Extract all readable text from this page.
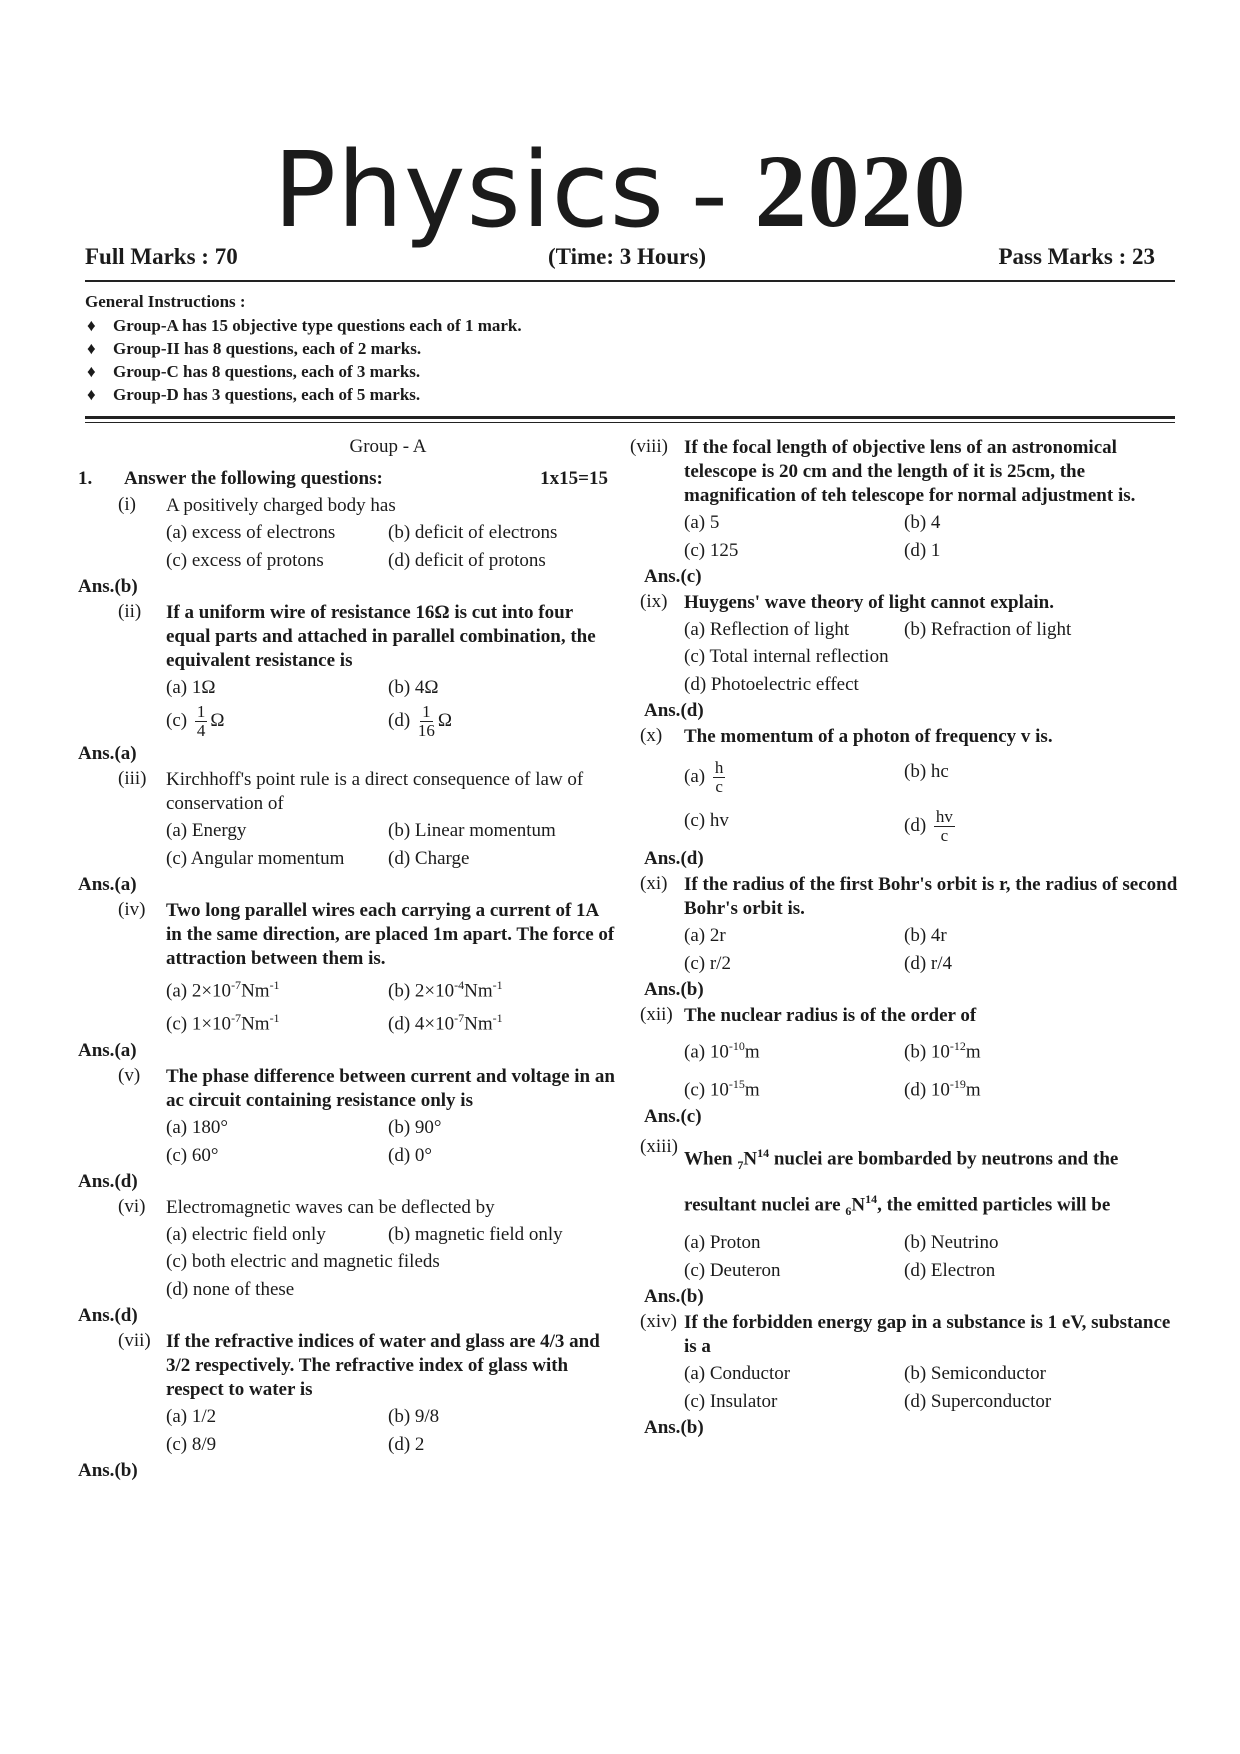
Physics - 2020
Full Marks : 70	(Time: 3 Hours)	Pass Marks : 23
General Instructions :
♦ Group-A has 15 objective type questions each of 1 mark.
♦ Group-II has 8 questions, each of 2 marks.
♦ Group-C has 8 questions, each of 3 marks.
♦ Group-D has 3 questions, each of 5 marks.
Group - A
1. Answer the following questions:	1x15=15
(i) A positively charged body has
(a) excess of electrons	(b) deficit of electrons
(c) excess of protons	(d) deficit of protons
Ans.(b)
(ii) If a uniform wire of resistance 16Ω is cut into four equal parts and attached in parallel combination, the equivalent resistance is
(a) 1Ω	(b) 4Ω
$(c) \frac{1}{4}$ Ω	$(d) \frac{1}{16}$ Ω
Ans.(a)
(iii) Kirchhoff's point rule is a direct consequence of law of conservation of
(a) Energy	(b) Linear momentum
(c) Angular momentum	(d) Charge
Ans.(a)
(iv) Two long parallel wires each carrying a current of 1A in the same direction, are placed 1m apart. The force of attraction between them is.
(a) $2\times 10^{-7}Nm^{-1}$	(b) $2\times 10^{-4}Nm^{-1}$
(c) $1\times 10^{-7}Nm^{-1}$	(d) $4\times 10^{-7}Nm^{-1}$
Ans.(a)
(v) The phase difference between current and voltage in an ac circuit containing resistance only is
(a) 180°	(b) 90°
(c) 60°	(d) 0°
Ans.(d)
(vi) Electromagnetic waves can be deflected by
(a) electric field only	(b) magnetic field only
(c) both electric and magnetic fileds
(d) none of these
Ans.(d)
(vii) If the refractive indices of water and glass are 4/3 and 3/2 respectively. The refractive index of glass with respect to water is
(a) 1/2	(b) 9/8
(c) 8/9	(d) 2
Ans.(b)
(viii) If the focal length of objective lens of an astronomical telescope is 20 cm and the length of it is 25cm, the magnification of teh telescope for normal adjustment is.
(a) 5	(b) 4
(c) 125	(d) 1
Ans.(c)
(ix) Huygens' wave theory of light cannot explain.
(a) Reflection of light	(b) Refraction of light
(c) Total internal reflection
(d) Photoelectric effect
Ans.(d)
(x) The momentum of a photon of frequency v is.
$(a) \frac{h}{c}$	(b) hc
(c) hv	$(d) \frac{hv}{c}$
Ans.(d)
(xi) If the radius of the first Bohr's orbit is r, the radius of second Bohr's orbit is.
(a) 2r	(b) 4r
(c) r/2	(d) r/4
Ans.(b)
(xii) The nuclear radius is of the order of
(a) $10^{-10}m$	(b) $10^{-12}m$
(c) $10^{-15}m$	(d) $10^{-19}m$
Ans.(c)
(xiii)
When $_7N^{14}$ nuclei are bombarded by neutrons and the resultant nuclei are $_6N^{14}$, the emitted particles will be
(a) Proton	(b) Neutrino
(c) Deuteron	(d) Electron
Ans.(b)
(xiv) If the forbidden energy gap in a substance is 1 eV, substance is a
(a) Conductor	(b) Semiconductor
(c) Insulator	(d) Superconductor
Ans.(b)
